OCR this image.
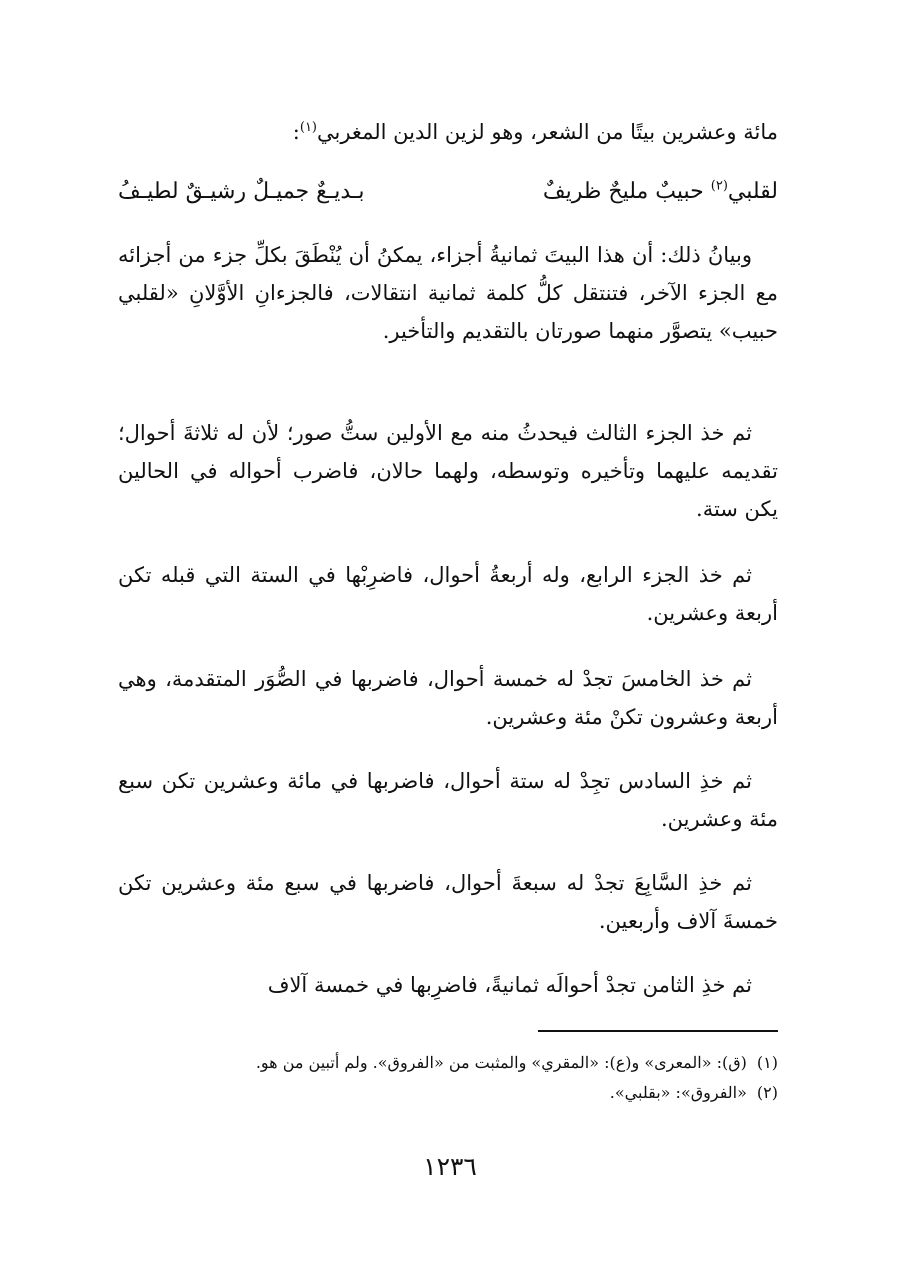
مائة وعشرين بيتًا من الشعر، وهو لزين الدين المغربي$^{(١)}$:
لقلبي$^{(٢)}$ حبيبٌ مليحٌ ظريفٌ
بـديـعٌ جميـلٌ رشيـقٌ لطيـفُ

وبيانُ ذلك: أن هذا البيتَ ثمانيةُ أجزاء، يمكنُ أن يُنْطَقَ بكلِّ جزء من أجزائه مع الجزء الآخر، فتنتقل كلُّ كلمة ثمانية انتقالات، فالجزءانِ الأوَّلانِ «لقلبي حبيب» يتصوَّر منهما صورتان بالتقديم والتأخير.

ثم خذ الجزء الثالث فيحدثُ منه مع الأولين ستُّ صور؛ لأن له ثلاثةَ أحوال؛ تقديمه عليهما وتأخيره وتوسطه، ولهما حالان، فاضرب أحواله في الحالين يكن ستة.

ثم خذ الجزء الرابع، وله أربعةُ أحوال، فاضرِبْها في الستة التي قبله تكن أربعة وعشرين.

ثم خذ الخامسَ تجدْ له خمسة أحوال، فاضربها في الصُّوَر المتقدمة، وهي أربعة وعشرون تكنْ مئة وعشرين.

ثم خذِ السادس تجِدْ له ستة أحوال، فاضربها في مائة وعشرين تكن سبع مئة وعشرين.

ثم خذِ السَّابِعَ تجدْ له سبعةَ أحوال، فاضربها في سبع مئة وعشرين تكن خمسةَ آلاف وأربعين.

ثم خذِ الثامن تجدْ أحوالَه ثمانيةً، فاضرِبها في خمسة آلاف

(١)
(ق): «المعرى» و(ع): «المقري» والمثبت من «الفروق». ولم أتبين من هو.
(٢)
«الفروق»: «بقلبي».
١٢٣٦
